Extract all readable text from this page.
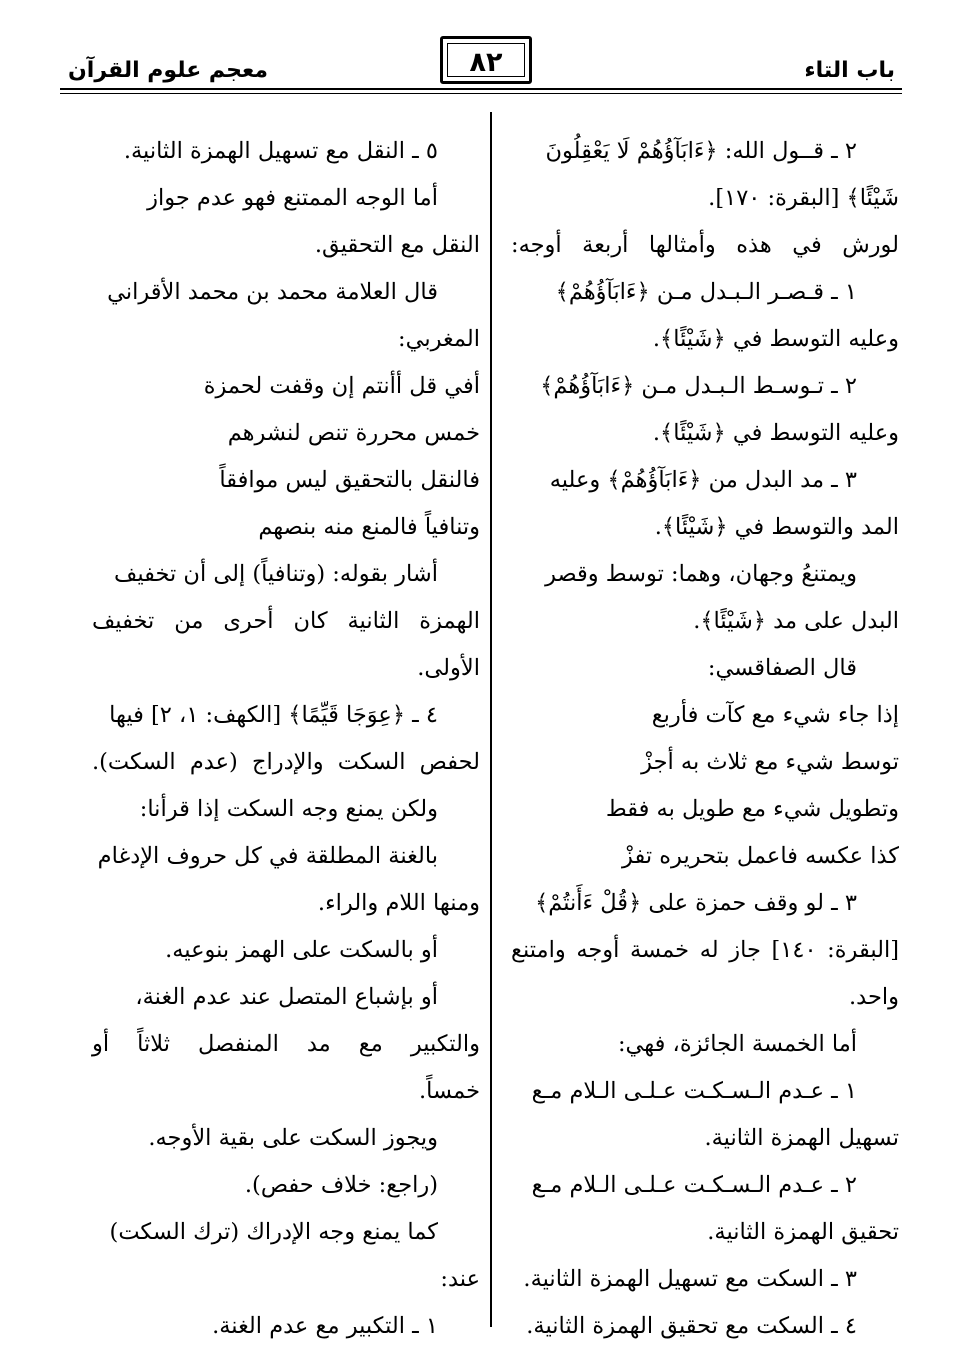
باب التاء
٨٢
معجم علوم القرآن
٢ ـ قــول الله: ﴿ءَابَآؤُهُمْ لَا يَعْقِلُونَ
شَيْئًا﴾ [البقرة: ١٧٠].
لورش في هذه وأمثالها أربعة أوجه:
١ ـ قـصـر الـبـدل مـن ﴿ءَابَآؤُهُمْ﴾
وعليه التوسط في ﴿شَيْئًا﴾.
٢ ـ تـوسـط الـبـدل مـن ﴿ءَابَآؤُهُمْ﴾
وعليه التوسط في ﴿شَيْئًا﴾.
٣ ـ مد البدل من ﴿ءَابَآؤُهُمْ﴾ وعليه
المد والتوسط في ﴿شَيْئًا﴾.
ويمتنعُ وجهان، وهما: توسط وقصر
البدل على مد ﴿شَيْئًا﴾.
قال الصفاقسي:
إذا جاء شيء مع كآت فأربع
توسط شيء مع ثلاث به أجزْ
وتطويل شيء مع طويل به فقط
كذا عكسه فاعمل بتحريره تفزْ
٣ ـ لو وقف حمزة على ﴿قُلْ ءَأَنتُمْ﴾
[البقرة: ١٤٠] جاز له خمسة أوجه وامتنع
واحد.
أما الخمسة الجائزة، فهي:
١ ـ عـدم الـسـكـت عـلـى الـلام مـع
تسهيل الهمزة الثانية.
٢ ـ عـدم الـسـكـت عـلـى الـلام مـع
تحقيق الهمزة الثانية.
٣ ـ السكت مع تسهيل الهمزة الثانية.
٤ ـ السكت مع تحقيق الهمزة الثانية.
٥ ـ النقل مع تسهيل الهمزة الثانية.
أما الوجه الممتنع فهو عدم جواز
النقل مع التحقيق.
قال العلامة محمد بن محمد الأقراني
المغربي:
أفي قل أأنتم إن وقفت لحمزة
خمس محررة تنص لنشرهم
فالنقل بالتحقيق ليس موافقاً
وتنافياً فالمنع منه بنصهم
أشار بقوله: (وتنافياً) إلى أن تخفيف
الهمزة الثانية كان أحرى من تخفيف
الأولى.
٤ ـ ﴿عِوَجَا قَيِّمًا﴾ [الكهف: ١، ٢] فيها
لحفص السكت والإدراج (عدم السكت).
ولكن يمنع وجه السكت إذا قرأنا:
بالغنة المطلقة في كل حروف الإدغام
ومنها اللام والراء.
أو بالسكت على الهمز بنوعيه.
أو بإشباع المتصل عند عدم الغنة،
والتكبير مع مد المنفصل ثلاثاً أو
خمساً.
ويجوز السكت على بقية الأوجه.
(راجع: خلاف حفص).
كما يمنع وجه الإدراك (ترك السكت)
عند:
١ ـ التكبير مع عدم الغنة.
